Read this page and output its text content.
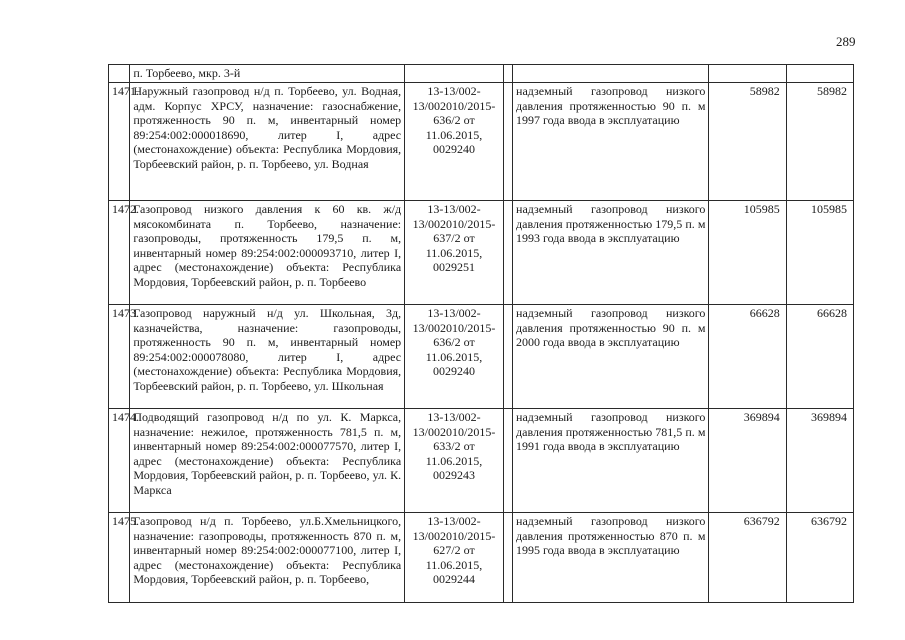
289
	п. Торбеево, мкр. 3-й					
1471.	Наружный газопровод н/д п. Торбеево, ул. Водная, адм. Корпус ХРСУ, назначение: газоснабжение, протяженность 90 п. м, инвентарный номер 89:254:002:000018690, литер I, адрес (местонахождение) объекта: Республика Мордовия, Торбеевский район, р. п. Торбеево, ул. Водная	13-13/002-13/002010/2015-636/2 от 11.06.2015, 0029240		надземный газопровод низкого давления протяженностью 90 п. м 1997 года ввода в эксплуатацию	58982	58982
1472.	Газопровод низкого давления к 60 кв. ж/д мясокомбината п. Торбеево, назначение: газопроводы, протяженность 179,5 п. м, инвентарный номер 89:254:002:000093710, литер I, адрес (местонахождение) объекта: Республика Мордовия, Торбеевский район, р. п. Торбеево	13-13/002-13/002010/2015-637/2 от 11.06.2015, 0029251		надземный газопровод низкого давления протяженностью 179,5 п. м 1993 года ввода в эксплуатацию	105985	105985
1473.	Газопровод наружный н/д ул. Школьная, 3д, казначейства, назначение: газопроводы, протяженность 90 п. м, инвентарный номер 89:254:002:000078080, литер I, адрес (местонахождение) объекта: Республика Мордовия, Торбеевский район, р. п. Торбеево, ул. Школьная	13-13/002-13/002010/2015-636/2 от 11.06.2015, 0029240		надземный газопровод низкого давления протяженностью 90 п. м 2000 года ввода в эксплуатацию	66628	66628
1474.	Подводящий газопровод н/д по ул. К. Маркса, назначение: нежилое, протяженность 781,5 п. м, инвентарный номер 89:254:002:000077570, литер I, адрес (местонахождение) объекта: Республика Мордовия, Торбеевский район, р. п. Торбеево, ул. К. Маркса	13-13/002-13/002010/2015-633/2 от 11.06.2015, 0029243		надземный газопровод низкого давления протяженностью 781,5 п. м 1991 года ввода в эксплуатацию	369894	369894
1475.	Газопровод н/д п. Торбеево, ул.Б.Хмельницкого, назначение: газопроводы, протяженность 870 п. м, инвентарный номер 89:254:002:000077100, литер I, адрес (местонахождение) объекта: Республика Мордовия, Торбеевский район, р. п. Торбеево,	13-13/002-13/002010/2015-627/2 от 11.06.2015, 0029244		надземный газопровод низкого давления протяженностью 870 п. м 1995 года ввода в эксплуатацию	636792	636792
